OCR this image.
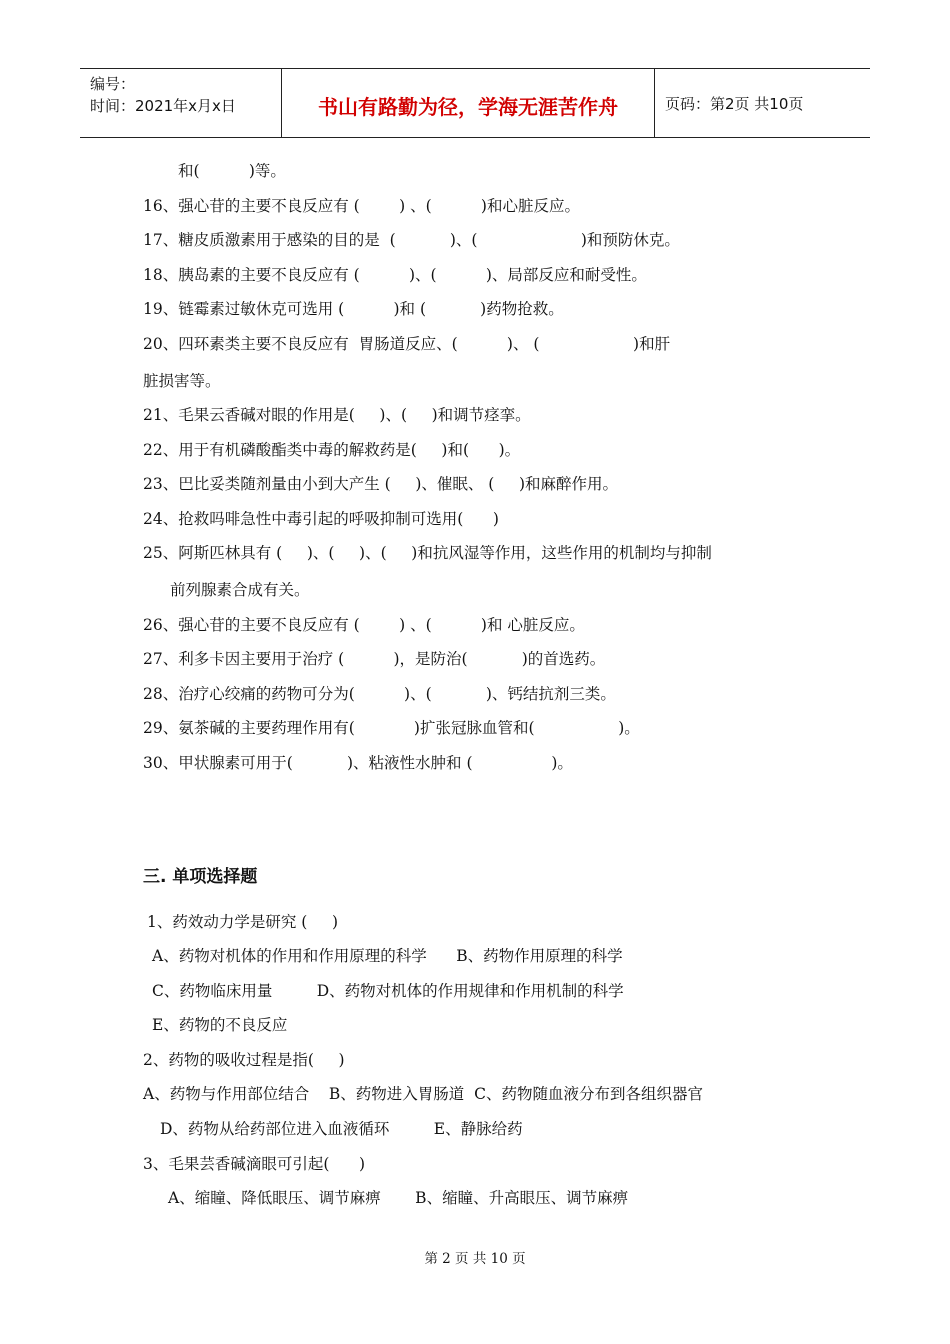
编号：
时间：2021年x月x日	书山有路勤为径，学海无涯苦作舟	页码：第2页 共10页
和(          )等。
16、强心苷的主要不良反应有 (        ) 、(          )和心脏反应。
17、糖皮质激素用于感染的目的是  (           )、(                     )和预防休克。
18、胰岛素的主要不良反应有 (          )、(          )、局部反应和耐受性。
19、链霉素过敏休克可选用 (          )和 (           )药物抢救。
20、四环素类主要不良反应有  胃肠道反应、(          )、 (                   )和肝
脏损害等。
21、毛果云香碱对眼的作用是(     )、(     )和调节痉挛。
22、用于有机磷酸酯类中毒的解救药是(     )和(      )。
23、巴比妥类随剂量由小到大产生 (     )、催眠、 (     )和麻醉作用。
24、抢救吗啡急性中毒引起的呼吸抑制可选用(      )
25、阿斯匹林具有 (     )、(     )、(     )和抗风湿等作用，这些作用的机制均与抑制
前列腺素合成有关。
26、强心苷的主要不良反应有 (        ) 、(          )和 心脏反应。
27、利多卡因主要用于治疗 (          )，是防治(           )的首选药。
28、治疗心绞痛的药物可分为(          )、(           )、钙结抗剂三类。
29、氨茶碱的主要药理作用有(            )扩张冠脉血管和(                 )。
30、甲状腺素可用于(           )、粘液性水肿和 (                )。
三. 单项选择题
1、药效动力学是研究 (     )
A、药物对机体的作用和作用原理的科学      B、药物作用原理的科学
C、药物临床用量         D、药物对机体的作用规律和作用机制的科学
E、药物的不良反应
2、药物的吸收过程是指(     )
A、药物与作用部位结合    B、药物进入胃肠道  C、药物随血液分布到各组织器官
D、药物从给药部位进入血液循环         E、静脉给药
3、毛果芸香碱滴眼可引起(      )
A、缩瞳、降低眼压、调节麻痹       B、缩瞳、升高眼压、调节麻痹
第 2 页 共 10 页
